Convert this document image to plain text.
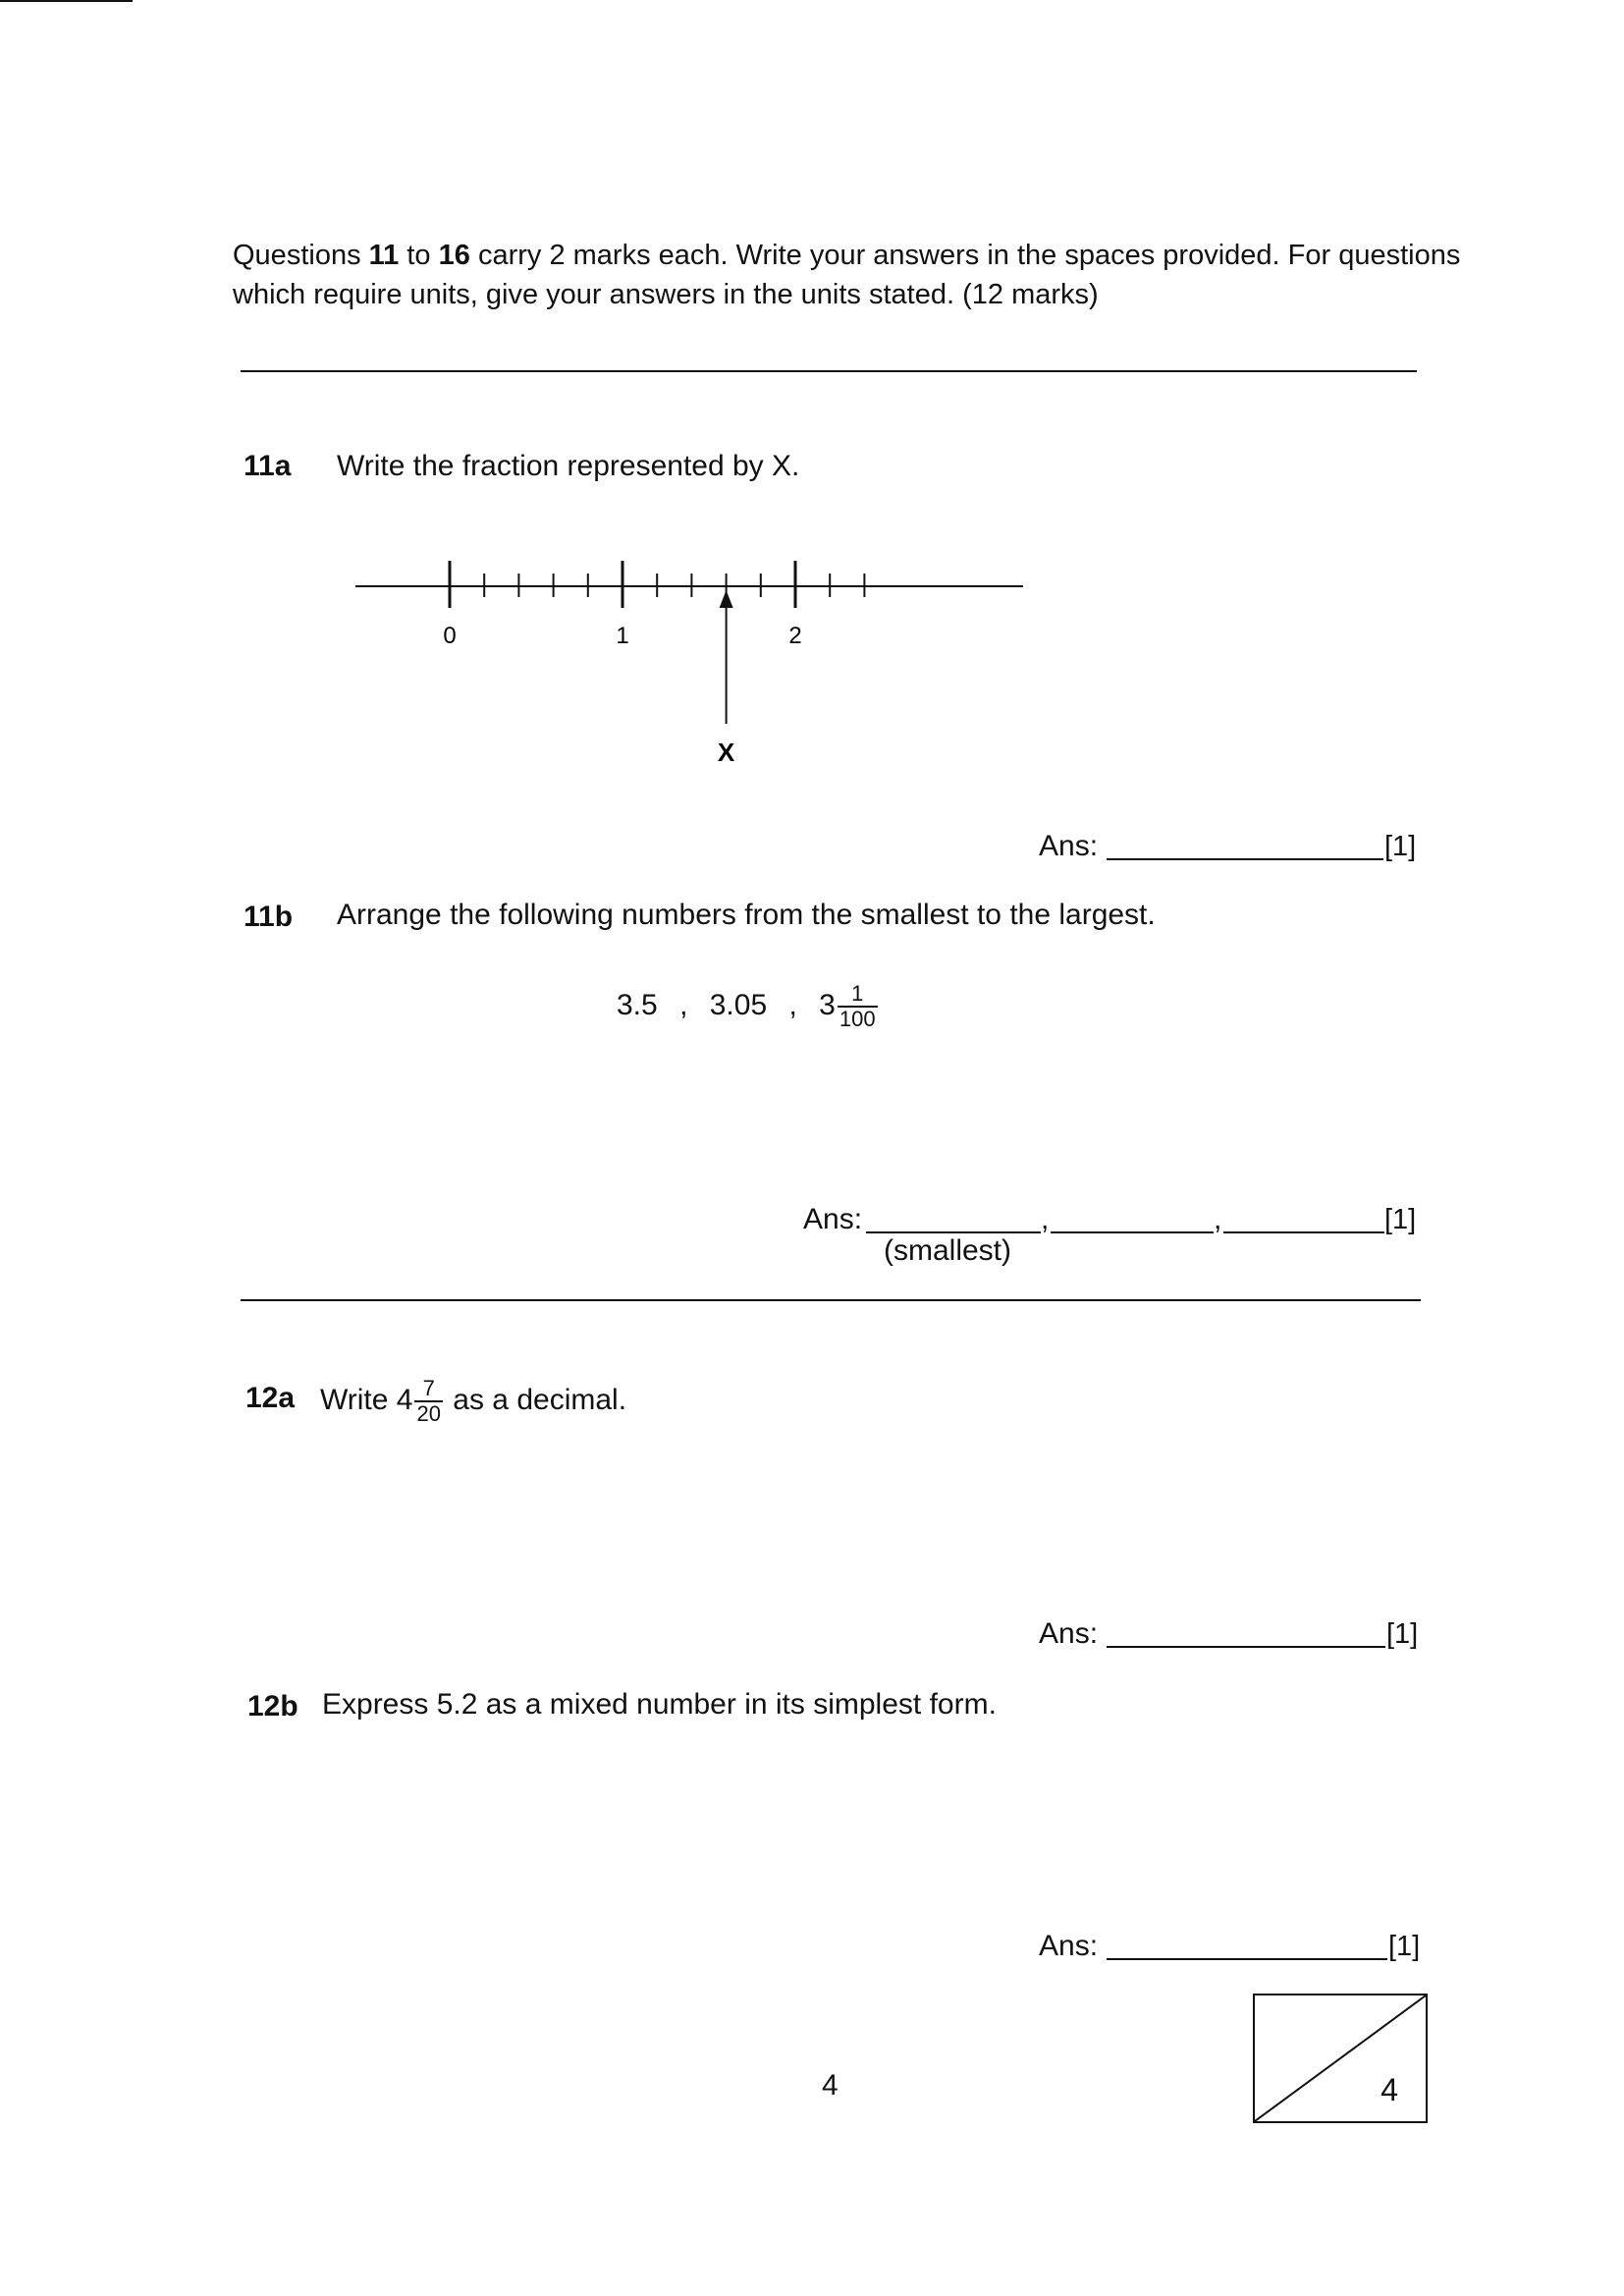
Questions 11 to 16 carry 2 marks each. Write your answers in the spaces provided. For questions which require units, give your answers in the units stated. (12 marks)
11a Write the fraction represented by X.
0	1	2
X
Ans:	[1]
11b Arrange the following numbers from the smallest to the largest.
3.5 , 3.05 , $3 \frac{1}{100}$
Ans:	,	,	[1]
(smallest)
12a Write $4 \frac{7}{20}$ as a decimal.
Ans:	[1]
12b Express 5.2 as a mixed number in its simplest form.
Ans:	[1]
4	4
